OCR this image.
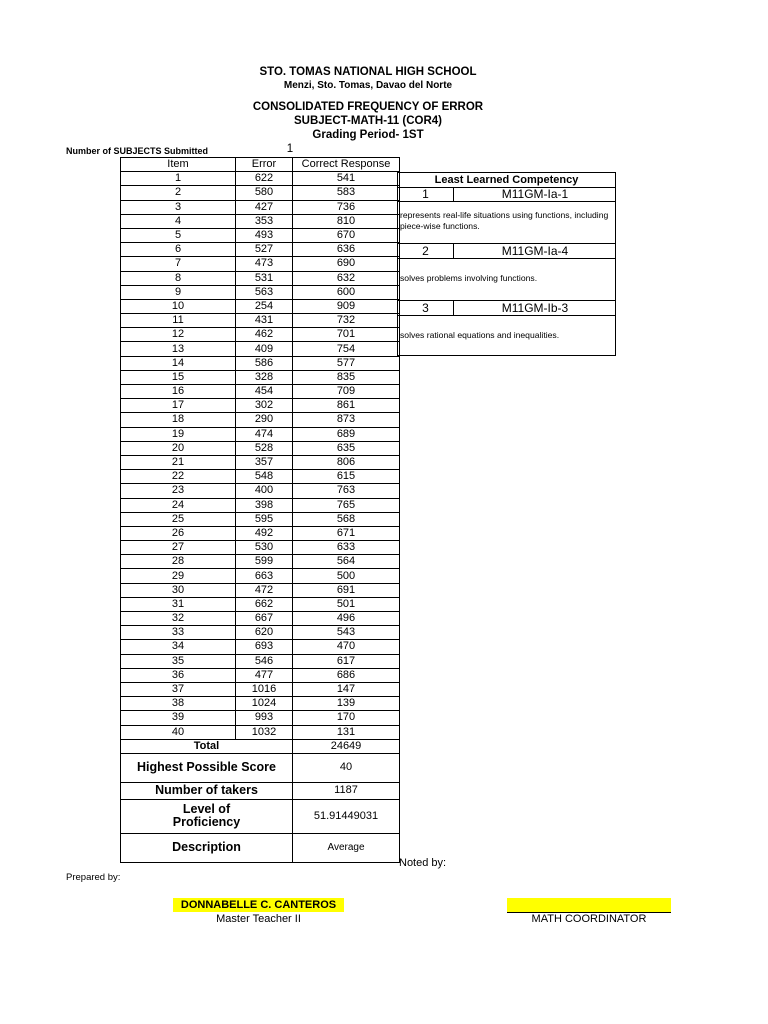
STO. TOMAS NATIONAL HIGH SCHOOL
Menzi, Sto. Tomas, Davao del Norte
CONSOLIDATED FREQUENCY OF ERROR
SUBJECT-MATH-11 (COR4)
Grading Period- 1ST
Number of SUBJECTS Submitted	1
Item	Error	Correct Response
1	622	541
2	580	583
3	427	736
4	353	810
5	493	670
6	527	636
7	473	690
8	531	632
9	563	600
10	254	909
11	431	732
12	462	701
13	409	754
14	586	577
15	328	835
16	454	709
17	302	861
18	290	873
19	474	689
20	528	635
21	357	806
22	548	615
23	400	763
24	398	765
25	595	568
26	492	671
27	530	633
28	599	564
29	663	500
30	472	691
31	662	501
32	667	496
33	620	543
34	693	470
35	546	617
36	477	686
37	1016	147
38	1024	139
39	993	170
40	1032	131
Total		24649
Highest Possible Score		40
Number of takers		1187
Level of Proficiency		51.91449031
Description		Average
Least Learned Competency
1	M11GM-Ia-1
represents real-life situations using functions, including piece-wise functions.
2	M11GM-Ia-4
solves problems involving functions.
3	M11GM-Ib-3
solves rational equations and inequalities.
Prepared by:
Noted by:
DONNABELLE C. CANTEROS
Master Teacher II	MATH COORDINATOR
